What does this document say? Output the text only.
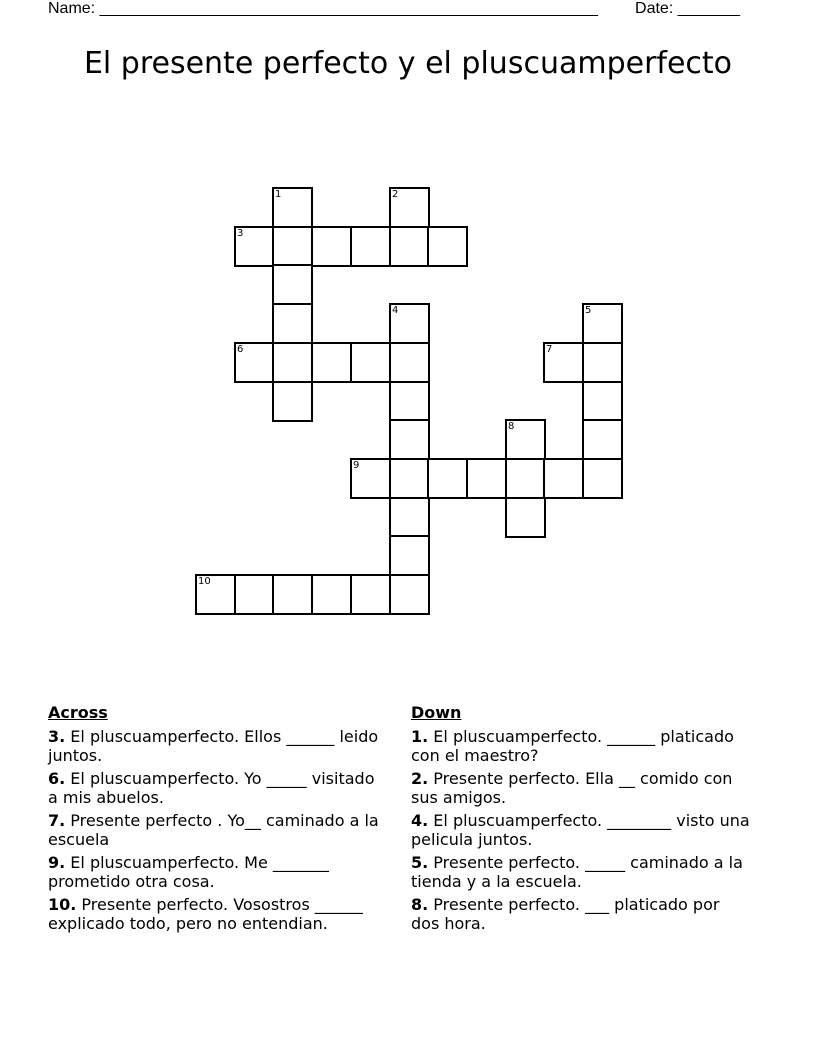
Name: ________________________________________________________ Date: _______
El presente perfecto y el pluscuamperfecto
1	2
3
4	5
6	7
8
9
10
Across
3. El pluscuamperfecto. Ellos ______ leido juntos.
6. El pluscuamperfecto. Yo _____ visitado a mis abuelos.
7. Presente perfecto . Yo__ caminado a la escuela
9. El pluscuamperfecto. Me _______ prometido otra cosa.
10. Presente perfecto. Vosostros ______ explicado todo, pero no entendian.
Down
1. El pluscuamperfecto. ______ platicado con el maestro?
2. Presente perfecto. Ella __ comido con sus amigos.
4. El pluscuamperfecto. ________ visto una pelicula juntos.
5. Presente perfecto. _____ caminado a la tienda y a la escuela.
8. Presente perfecto. ___ platicado por dos hora.
